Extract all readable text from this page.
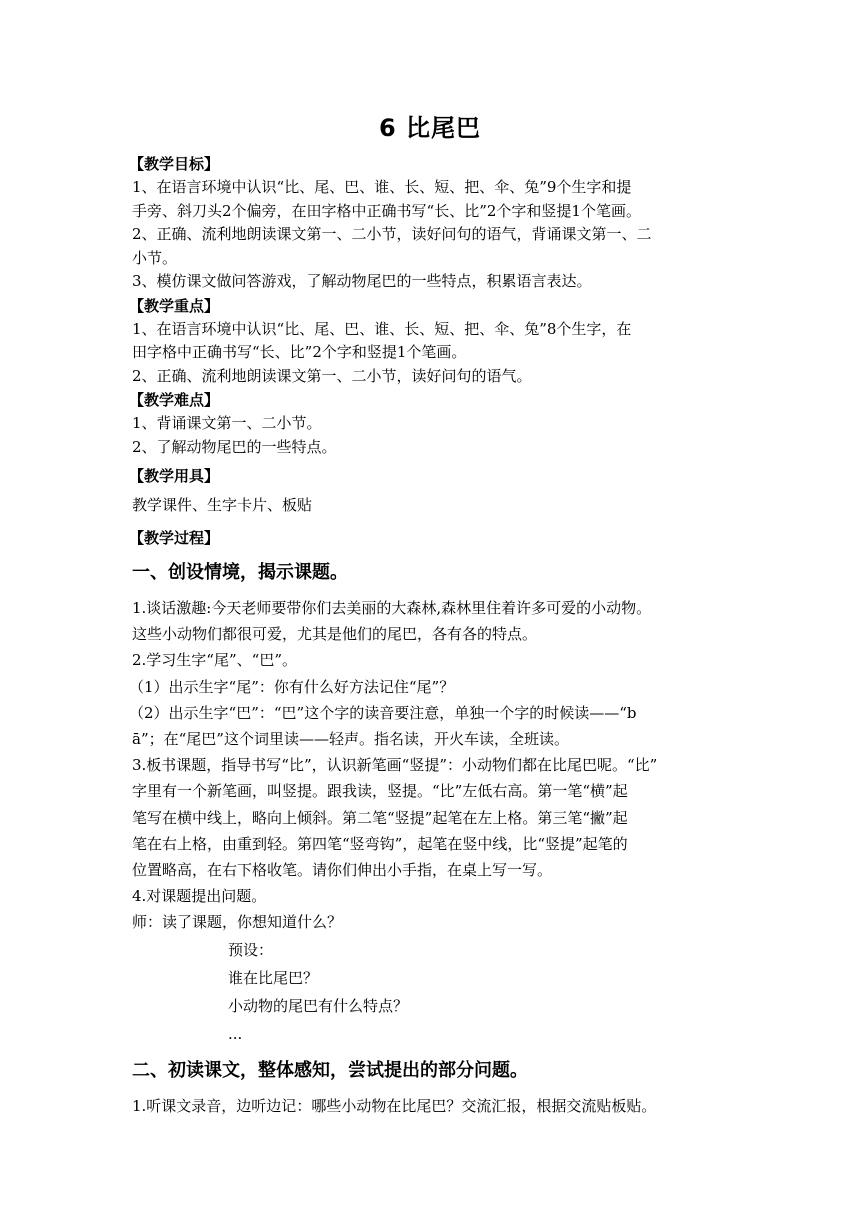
6 比尾巴
【教学目标】
1、在语言环境中认识“比、尾、巴、谁、长、短、把、伞、兔”9个生字和提
手旁、斜刀头2个偏旁，在田字格中正确书写“长、比”2个字和竖提1个笔画。
2、正确、流利地朗读课文第一、二小节，读好问句的语气，背诵课文第一、二
小节。
3、模仿课文做问答游戏，了解动物尾巴的一些特点，积累语言表达。
【教学重点】
1、在语言环境中认识“比、尾、巴、谁、长、短、把、伞、兔”8个生字，在
田字格中正确书写“长、比”2个字和竖提1个笔画。
2、正确、流利地朗读课文第一、二小节，读好问句的语气。
【教学难点】
1、背诵课文第一、二小节。
2、了解动物尾巴的一些特点。
【教学用具】
教学课件、生字卡片、板贴
【教学过程】
一、创设情境，揭示课题。
1.谈话激趣:今天老师要带你们去美丽的大森林,森林里住着许多可爱的小动物。
这些小动物们都很可爱，尤其是他们的尾巴，各有各的特点。
2.学习生字“尾”、“巴”。
（1）出示生字“尾”：你有什么好方法记住“尾”？
（2）出示生字“巴”：“巴”这个字的读音要注意，单独一个字的时候读——“b
ā”；在“尾巴”这个词里读——轻声。指名读，开火车读，全班读。
3.板书课题，指导书写“比”，认识新笔画“竖提”：小动物们都在比尾巴呢。“比”
字里有一个新笔画，叫竖提。跟我读，竖提。“比”左低右高。第一笔“横”起
笔写在横中线上，略向上倾斜。第二笔“竖提”起笔在左上格。第三笔“撇”起
笔在右上格，由重到轻。第四笔“竖弯钩”，起笔在竖中线，比“竖提”起笔的
位置略高，在右下格收笔。请你们伸出小手指，在桌上写一写。
4.对课题提出问题。
师：读了课题，你想知道什么？
预设：
谁在比尾巴？
小动物的尾巴有什么特点？
...
二、初读课文，整体感知，尝试提出的部分问题。
1.听课文录音，边听边记：哪些小动物在比尾巴？交流汇报，根据交流贴板贴。
